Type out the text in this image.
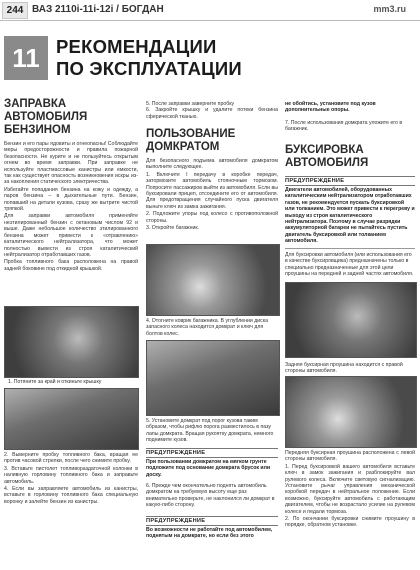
244 ВАЗ 2110i-11i-12i / БОГДАН	mm3.ru
11 РЕКОМЕНДАЦИИ
ПО ЭКСПЛУАТАЦИИ
ЗАПРАВКА
АВТОМОБИЛЯ
БЕНЗИНОМ

Бензин и его пары ядовиты и огнеопасны! Соблюдайте меры предосторожности и правила пожарной безопасности. Не курите и не пользуйтесь открытым огнем во время заправки. При заправке не используйте пластмассовые канистры или емкости, так как существует опасность возникновения искры из-за накопления статического электричества.

Избегайте попадания бензина на кожу и одежду, а паров бензина – в дыхательные пути. Бензин, попавший на детали кузова, сразу же вытрите чистой тряпкой.

Для заправки автомобиля применяйте неэтилированный бензин с октановым числом 92 и выше. Даже небольшое количество этилированного бензина может привести к «отравлению» каталитического нейтрализатора, что может полностью вывести из строя каталитический нейтрализатор отработавших газов.

Пробка топливного бака расположена на правой задней боковине под откидной крышкой.

1. Потяните за край и откиньте крышку

2. Выверните пробку топливного бака, вращая ее против часовой стрелки, после чего снимите пробку.

3. Вставьте пистолет топливораздаточной колонки в наливную горловину топливного бака и заправьте автомобиль.

4. Если вы заправляете автомобиль из канистры, вставьте в горловину топливного бака специальную воронку и залейте бензин из канистры.

5. После заправки заверните пробку

6. Закройте крышку и удалите потеки бензина сферической тканью.

ПОЛЬЗОВАНИЕ
ДОМКРАТОМ

Для безопасного подъема автомобиля домкратом выполните следующее.

1. Включите I передачу в коробке передач, затормозите автомобиль стояночным тормозом. Попросите пассажиров выйти из автомобиля. Если вы буксировали прицеп, отсоедините его от автомобиля. Для предотвращения случайного пуска двигателя выньте ключ из замка зажигания.

2. Подложите упоры под колесо с противоположной стороны.

3. Откройте багажник.

4. Отогните коврик багажника. В углублении диска запасного колеса находится домкрат и ключ для болтов колес.
5. Установите домкрат под порог кузова таким образом, чтобы рифлю порога разместилось в пазу лапы домкрата. Вращая рукоятку домкрата, немного поднимите кузов.
ПРЕДУПРЕЖДЕНИЕ

При пользовании домкратом на мягком грунте подложите под основание домкрата брусок или доску.

6. Прежде чем окончательно поднять автомобиль домкратом на требуемую высоту еще раз внимательно проверьте, не наклонился ли домкрат в какую-либо сторону.
ПРЕДУПРЕЖДЕНИЕ

Во возможности не работайте под автомобилем, поднятым на домкрате, но если без этого

не обойтись, установите под кузов дополнительные опоры.

7. После использования домкрата уложите его в багажник.
БУКСИРОВКА
АВТОМОБИЛЯ
ПРЕДУПРЕЖДЕНИЕ

Двигатели автомобилей, оборудованных каталитическим нейтрализатором отработавших газов, не рекомендуется пускать буксировкой или толканием. Это может привести к перегреву и выходу из строя каталитического нейтрализатора. Поэтому в случае разрядки аккумуляторной батареи не пытайтесь пустить двигатель буксировкой или толканием автомобиля.

Для буксировки автомобиля (или использования его в качестве буксировщика) предназначены только в специально предназначенные для этой цели проушины на передней и задней частях автомобиля.
Задняя буксирная проушина находится с правой стороны автомобиля.

Передняя буксирная проушина расположена с левой стороны автомобиля.

1. Перед буксировкой вашего автомобиля вставьте ключ в замок зажигания и разблокируйте вал рулевого колеса. Включите световую сигнализацию. Установите рычаг управления механической коробкой передач в нейтральное положение. Если возможно, буксируйте автомобиль с работающим двигателем, чтобы не возрастало усилие на рулевом колесе и педали тормоза.

2. По окончании буксировки снимите проушину в порядке, обратном установке.
